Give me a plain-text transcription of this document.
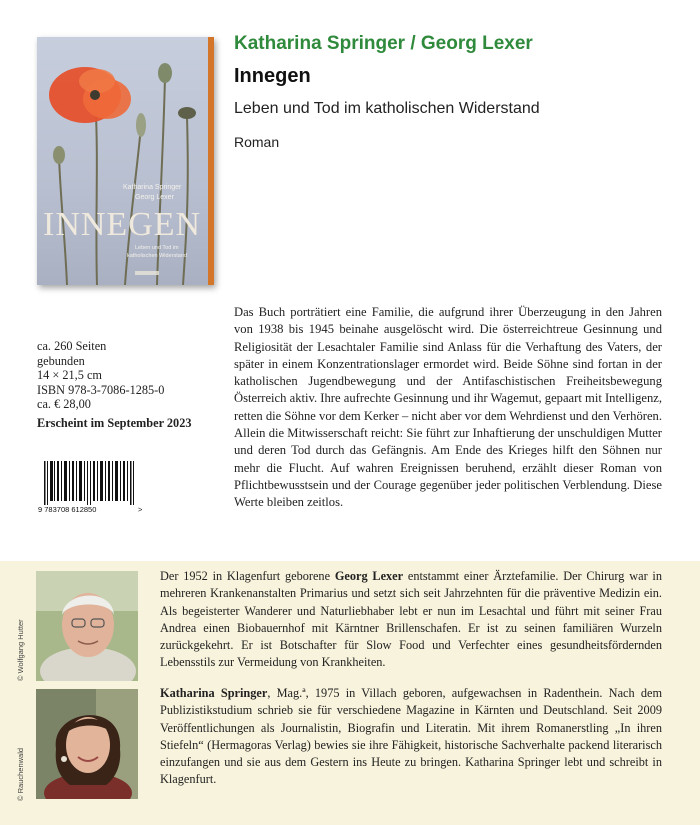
Katharina Springer
Georg Lexer
INNEGEN
Leben und Tod im
katholischen Widerstand
Katharina Springer / Georg Lexer
Innegen
Leben und Tod im katholischen Widerstand
Roman
ca. 260 Seiten
gebunden
14 × 21,5 cm
ISBN 978-3-7086-1285-0
ca. € 28,00
Erscheint im September 2023
9 783708 612850	>
Das Buch porträtiert eine Familie, die aufgrund ihrer Überzeugung in den Jahren von 1938 bis 1945 beinahe ausgelöscht wird. Die österreichtreue Gesinnung und Religiosität der Lesachtaler Familie sind Anlass für die Verhaftung des Vaters, der später in einem Konzentrationslager ermordet wird. Beide Söhne sind fortan in der katholischen Jugendbewegung und der Antifaschistischen Freiheitsbewegung Österreich aktiv. Ihre aufrechte Gesinnung und ihr Wagemut, gepaart mit Intelligenz, retten die Söhne vor dem Kerker – nicht aber vor dem Wehrdienst und den Verhören. Allein die Mitwisserschaft reicht: Sie führt zur Inhaftierung der unschuldigen Mutter und deren Tod durch das Gefängnis. Am Ende des Krieges hilft den Söhnen nur mehr die Flucht. Auf wahren Ereignissen beruhend, erzählt dieser Roman von Pflichtbewusstsein und der Courage gegenüber jeder politischen Verblendung. Diese Werte bleiben zeitlos.
© Wolfgang Hutter
Der 1952 in Klagenfurt geborene Georg Lexer entstammt einer Ärztefamilie. Der Chirurg war in mehreren Krankenanstalten Primarius und setzt sich seit Jahrzehnten für die präventive Medizin ein. Als begeisterter Wanderer und Naturliebhaber lebt er nun im Lesachtal und führt mit seiner Frau Andrea einen Biobauernhof mit Kärntner Brillenschafen. Er ist zu seinen familiären Wurzeln zurückgekehrt. Er ist Botschafter für Slow Food und Verfechter eines gesundheitsfördernden Lebensstils zur Vermeidung von Krankheiten.
© Rauchenwald
Katharina Springer, Mag.ª, 1975 in Villach geboren, aufgewachsen in Radenthein. Nach dem Publizistikstudium schrieb sie für verschiedene Magazine in Kärnten und Deutschland. Seit 2009 Veröffentlichungen als Journalistin, Biografin und Literatin. Mit ihrem Romanerstling „In ihren Stiefeln“ (Hermagoras Verlag) bewies sie ihre Fähigkeit, historische Sachverhalte packend literarisch einzufangen und sie aus dem Gestern ins Heute zu bringen. Katharina Springer lebt und schreibt in Klagenfurt.
